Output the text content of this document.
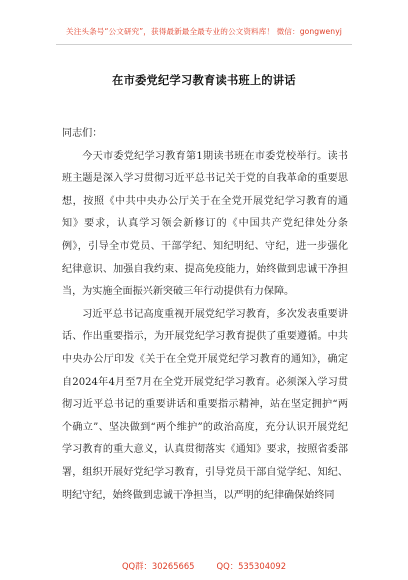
关注头条号“公文研究”，获得最新最全最专业的公文资料库！ 微信：gongwenyj
在市委党纪学习教育读书班上的讲话

同志们：

今天市委党纪学习教育第1期读书班在市委党校举行。读书班主题是深入学习贯彻习近平总书记关于党的自我革命的重要思想，按照《中共中央办公厅关于在全党开展党纪学习教育的通知》要求，认真学习领会新修订的《中国共产党纪律处分条例》，引导全市党员、干部学纪、知纪明纪、守纪，进一步强化纪律意识、加强自我约束、提高免疫能力，始终做到忠诚干净担当，为实施全面振兴新突破三年行动提供有力保障。

习近平总书记高度重视开展党纪学习教育，多次发表重要讲话、作出重要指示，为开展党纪学习教育提供了重要遵循。中共中央办公厅印发《关于在全党开展党纪学习教育的通知》，确定自2024年4月至7月在全党开展党纪学习教育。必须深入学习贯彻习近平总书记的重要讲话和重要指示精神，站在坚定拥护“两个确立”、坚决做到“两个维护”的政治高度，充分认识开展党纪学习教育的重大意义，认真贯彻落实《通知》要求，按照省委部署，组织开展好党纪学习教育，引导党员干部自觉学纪、知纪、明纪守纪，始终做到忠诚干净担当，以严明的纪律确保始终同

QQ群：30265665	QQ：535304092
